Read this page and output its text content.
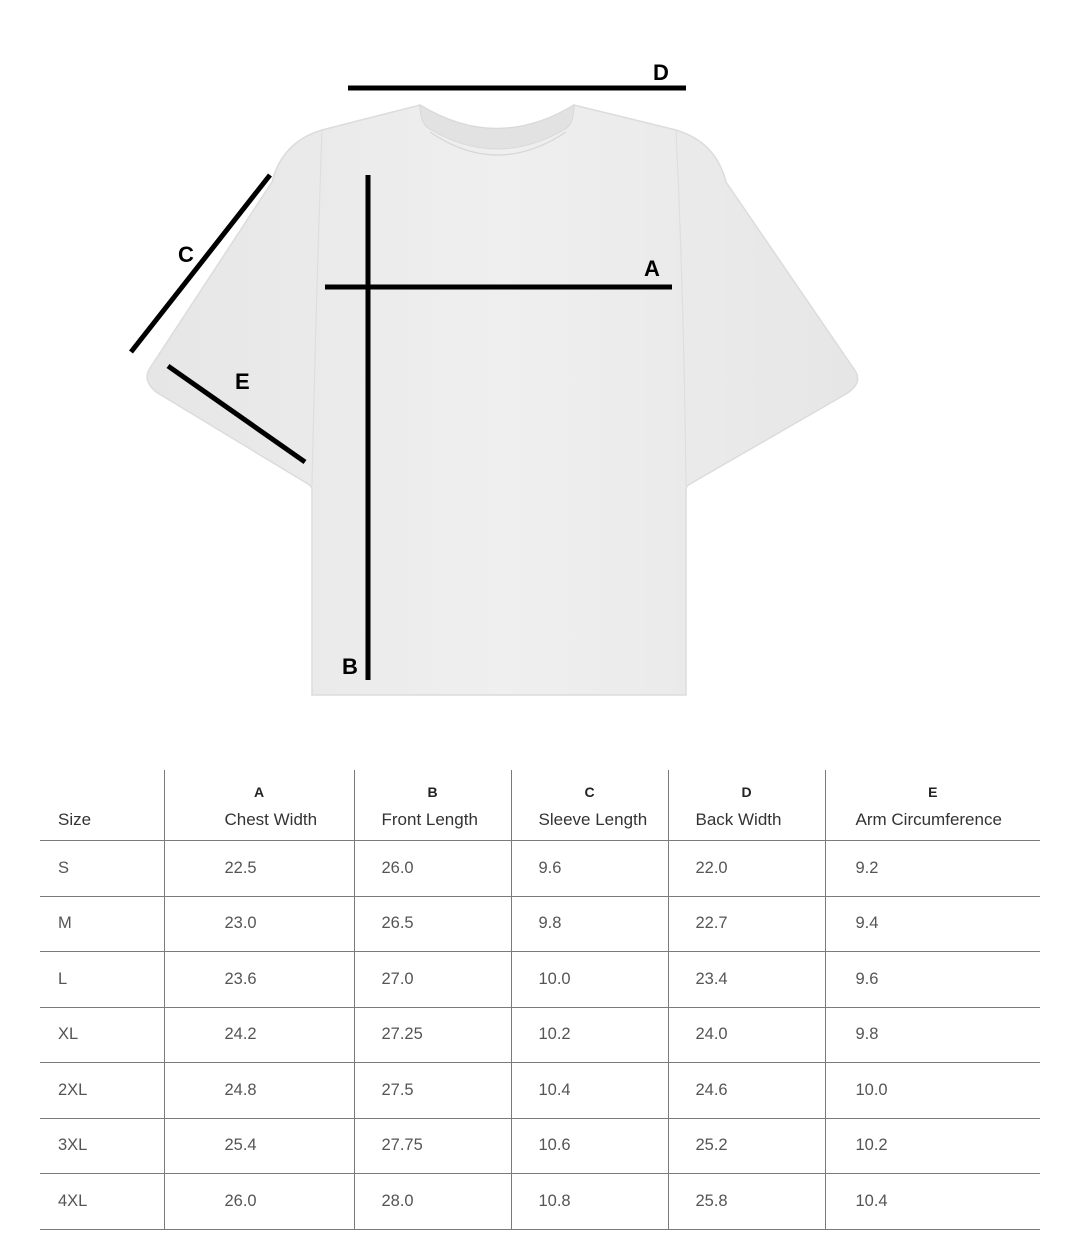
D
A
B
C
E
	A	B	C	D	E
Size	Chest Width	Front Length	Sleeve Length	Back Width	Arm Circumference
S	22.5	26.0	9.6	22.0	9.2
M	23.0	26.5	9.8	22.7	9.4
L	23.6	27.0	10.0	23.4	9.6
XL	24.2	27.25	10.2	24.0	9.8
2XL	24.8	27.5	10.4	24.6	10.0
3XL	25.4	27.75	10.6	25.2	10.2
4XL	26.0	28.0	10.8	25.8	10.4
